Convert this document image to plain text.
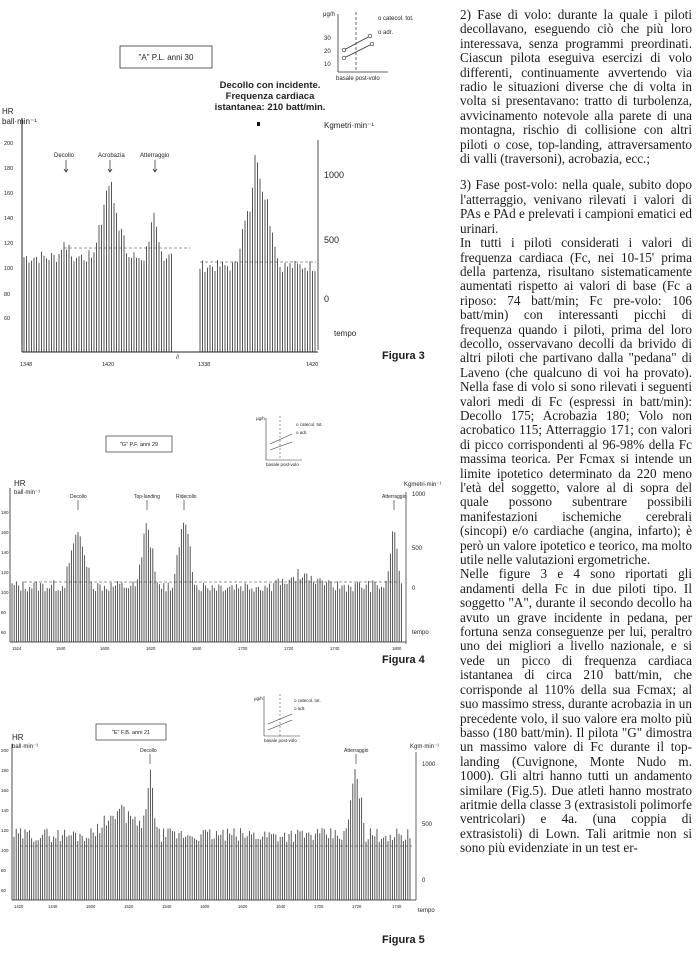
μg/h
30
20
10
o catecol. tot.
o adr.
basale post-volo
"A" P.L. anni 30
Decollo con incidente.
Frequenza cardiaca
istantanea: 210 batt/min.
HR
ball·min⁻¹	Kgmetri·min⁻¹
200
180
160
140
120
100
80
60
1000
500
0
Decollo	Acrobazia	Atterraggio
//
1348	1420	1338	1420
tempo
Figura 3
μg/h
o catecol. tot.
o adr.
basale post-volo
"G" P.F. anni 29
HR
ball·min⁻¹
Kgmetri·min⁻¹
180
160
140
120
100
80
60
1000
500
0
Decollo	Top-landing	Ridecollo	Atterraggio
1524	1540	1600	1620	1640	1700	1720	1740	1800
tempo
Figura 4
μg/h	o catecol. tot.
o adr.
basale post-volo
"E" F.B. anni 21
HR
ball·min⁻¹	Kgm·min⁻¹
200
180
160
140
120
100
80
60
1000
500
0
Decollo	Atterraggio
1420	1440	1500	1520	1540	1600	1620	1640	1700	1720	1740
tempo
Figura 5

2) Fase di volo: durante la quale i piloti decollavano, eseguendo ciò che più loro interessava, senza programmi preordinati. Ciascun pilota eseguiva esercizi di volo differenti, continuamente avvertendo via radio le situazioni diverse che di volta in volta si presentavano: tratto di turbolenza, avvicinamento notevole alla parete di una montagna, rischio di collisione con altri piloti o cose, top-landing, attraversamento di valli (traversoni), acrobazia, ecc.;

3) Fase post-volo: nella quale, subito dopo l'atterraggio, venivano rilevati i valori di PAs e PAd e prelevati i campioni ematici ed urinari.

In tutti i piloti considerati i valori di frequenza cardiaca (Fc, nei 10-15' prima della partenza, risultano sistematicamente aumentati rispetto ai valori di base (Fc a riposo: 74 batt/min; Fc pre-volo: 106 batt/min) con interessanti picchi di frequenza quando i piloti, prima del loro decollo, osservavano decolli da brivido di altri piloti che partivano dalla "pedana" di Laveno (che qualcuno di voi ha provato). Nella fase di volo si sono rilevati i seguenti valori medi di Fc (espressi in batt/min): Decollo 175; Acrobazia 180; Volo non acrobatico 115; Atterraggio 171; con valori di picco corrispondenti al 96-98% della Fc massima teorica. Per Fcmax si intende un limite ipotetico determinato da 220 meno l'età del soggetto, valore al di sopra del quale possono subentrare possibili manifestazioni ischemiche cerebrali (sincopi) e/o cardiache (angina, infarto); è però un valore ipotetico e teorico, ma molto utile nelle valutazioni ergometriche.

Nelle figure 3 e 4 sono riportati gli andamenti della Fc in due piloti tipo. Il soggetto "A", durante il secondo decollo ha avuto un grave incidente in pedana, per fortuna senza conseguenze per lui, peraltro uno dei migliori a livello nazionale, e si vede un picco di frequenza cardiaca istantanea di circa 210 batt/min, che corrisponde al 110% della sua Fcmax; al suo massimo stress, durante acrobazia in un precedente volo, il suo valore era molto più basso (180 batt/min). Il pilota "G" dimostra un massimo valore di Fc durante il top-landing (Cuvignone, Monte Nudo m. 1000). Gli altri hanno tutti un andamento similare (Fig.5). Due atleti hanno mostrato aritmie della classe 3 (extrasistoli polimorfe ventricolari) e 4a. (una coppia di extrasistoli) di Lown. Tali aritmie non si sono più evidenziate in un test er-
